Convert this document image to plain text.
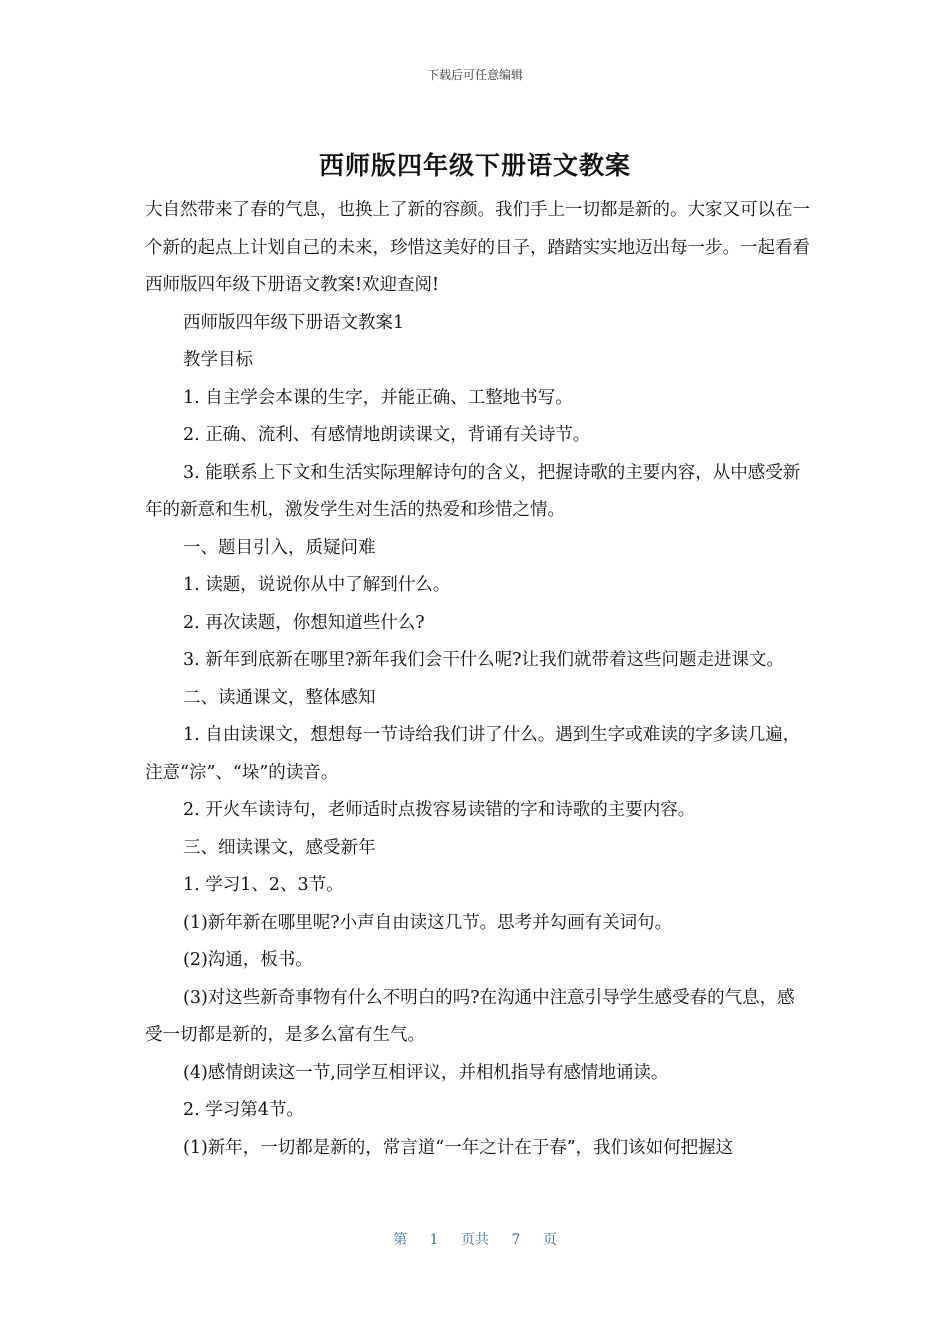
下载后可任意编辑
西师版四年级下册语文教案

大自然带来了春的气息，也换上了新的容颜。我们手上一切都是新的。大家又可以在一个新的起点上计划自己的未来，珍惜这美好的日子，踏踏实实地迈出每一步。一起看看西师版四年级下册语文教案!欢迎查阅!

西师版四年级下册语文教案1

教学目标

1. 自主学会本课的生字，并能正确、工整地书写。

2. 正确、流利、有感情地朗读课文，背诵有关诗节。

3. 能联系上下文和生活实际理解诗句的含义，把握诗歌的主要内容，从中感受新年的新意和生机，激发学生对生活的热爱和珍惜之情。

一、题目引入，质疑问难

1. 读题，说说你从中了解到什么。

2. 再次读题，你想知道些什么?

3. 新年到底新在哪里?新年我们会干什么呢?让我们就带着这些问题走进课文。

二、读通课文，整体感知

1. 自由读课文，想想每一节诗给我们讲了什么。遇到生字或难读的字多读几遍，注意“淙”、“垛”的读音。

2. 开火车读诗句，老师适时点拨容易读错的字和诗歌的主要内容。

三、细读课文，感受新年

1. 学习1、2、3节。

(1)新年新在哪里呢?小声自由读这几节。思考并勾画有关词句。

(2)沟通，板书。

(3)对这些新奇事物有什么不明白的吗?在沟通中注意引导学生感受春的气息，感受一切都是新的，是多么富有生气。

(4)感情朗读这一节,同学互相评议，并相机指导有感情地诵读。

2. 学习第4节。

(1)新年，一切都是新的，常言道“一年之计在于春”，我们该如何把握这

第 1 页共 7 页
